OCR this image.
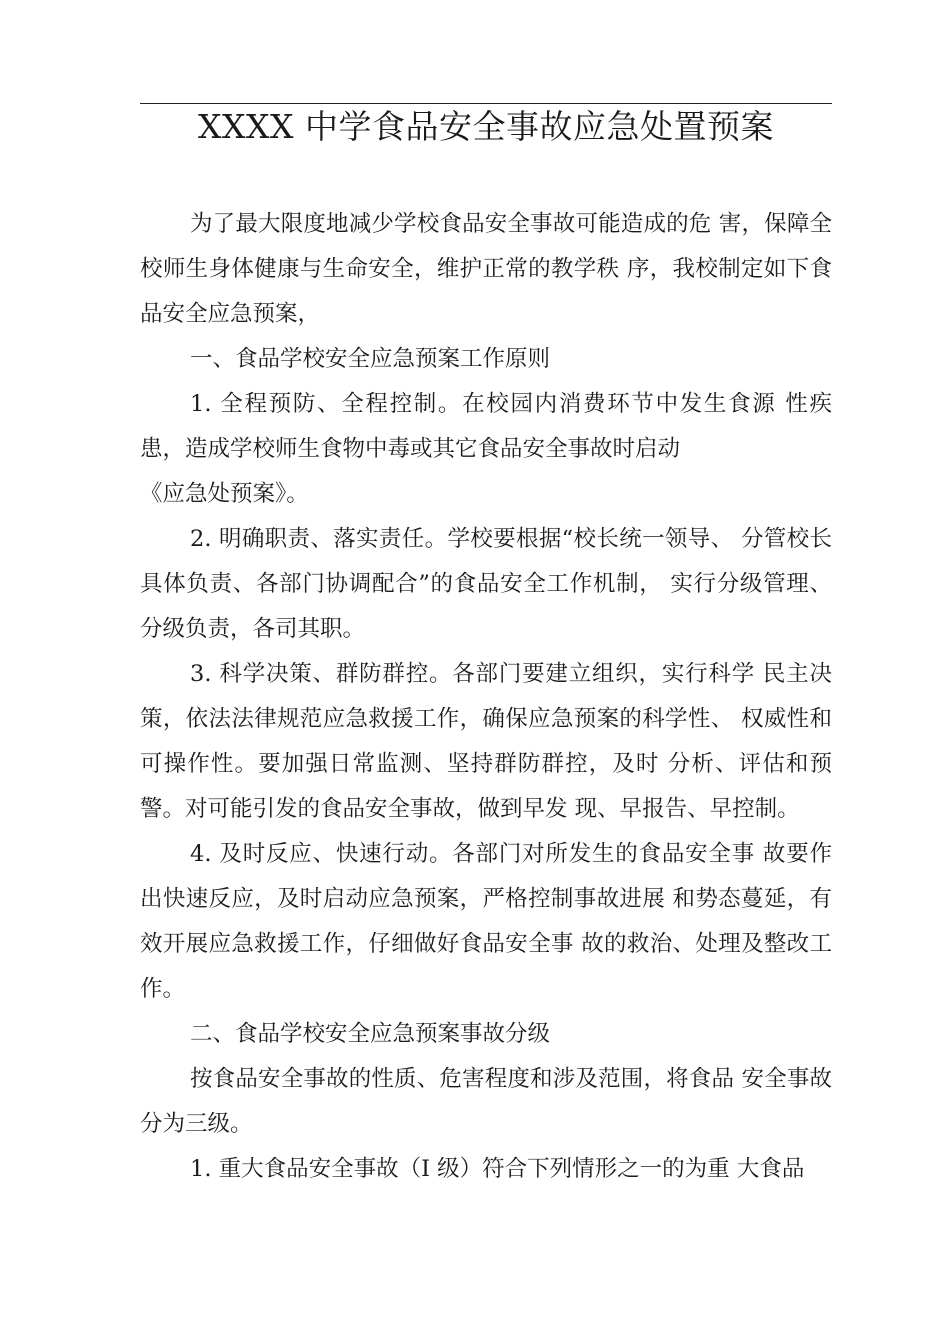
XXXX 中学食品安全事故应急处置预案

为了最大限度地减少学校食品安全事故可能造成的危 害，保障全校师生身体健康与生命安全，维护正常的教学秩 序，我校制定如下食品安全应急预案，

一、食品学校安全应急预案工作原则

1. 全程预防、全程控制。在校园内消费环节中发生食源 性疾患，造成学校师生食物中毒或其它食品安全事故时启动

《应急处预案》。

2. 明确职责、落实责任。学校要根据“校长统一领导、 分管校长具体负责、各部门协调配合”的食品安全工作机制， 实行分级管理、分级负责，各司其职。

3. 科学决策、群防群控。各部门要建立组织，实行科学 民主决策，依法法律规范应急救援工作，确保应急预案的科学性、 权威性和可操作性。要加强日常监测、坚持群防群控，及时 分析、评估和预警。对可能引发的食品安全事故，做到早发 现、早报告、早控制。

4. 及时反应、快速行动。各部门对所发生的食品安全事 故要作出快速反应，及时启动应急预案，严格控制事故进展 和势态蔓延，有效开展应急救援工作，仔细做好食品安全事 故的救治、处理及整改工作。

二、食品学校安全应急预案事故分级

按食品安全事故的性质、危害程度和涉及范围，将食品 安全事故分为三级。

1. 重大食品安全事故（I 级）符合下列情形之一的为重 大食品
